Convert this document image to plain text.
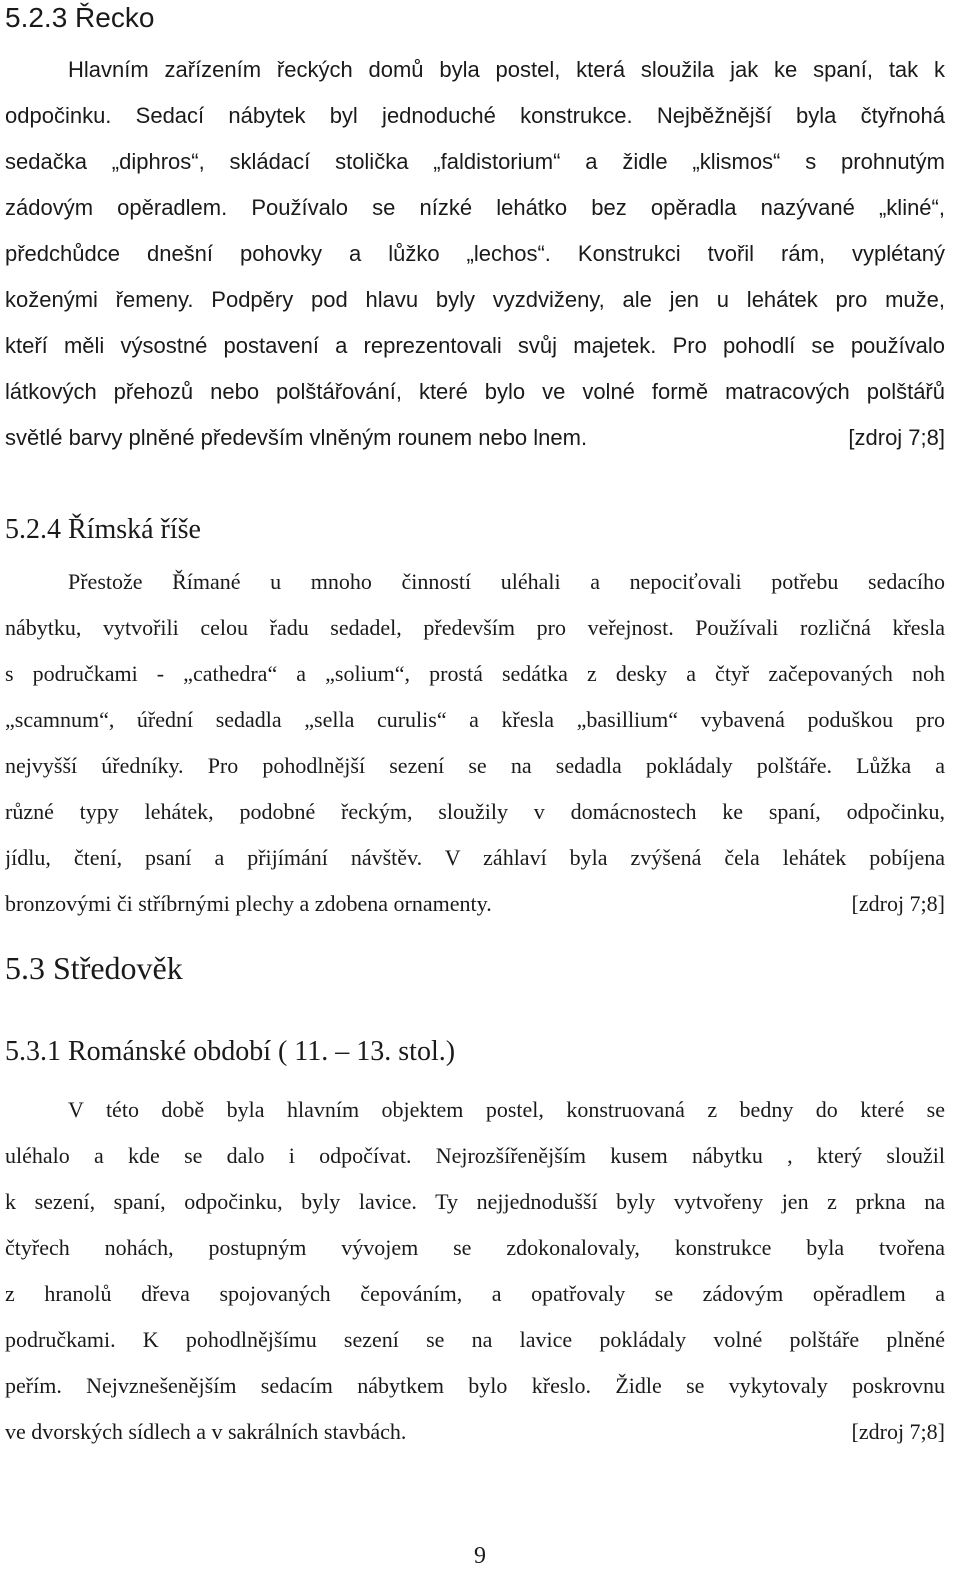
5.2.3 Řecko
Hlavním zařízením řeckých domů byla postel, která sloužila jak ke spaní, tak k
odpočinku. Sedací nábytek byl jednoduché konstrukce. Nejběžnější byla čtyřnohá
sedačka „diphros“, skládací stolička „faldistorium“ a židle „klismos“ s prohnutým
zádovým opěradlem. Používalo se nízké lehátko bez opěradla nazývané „kliné“,
předchůdce dnešní pohovky a lůžko „lechos“. Konstrukci tvořil rám, vyplétaný
koženými řemeny. Podpěry pod hlavu byly vyzdviženy, ale jen u lehátek pro muže,
kteří měli výsostné postavení a reprezentovali svůj majetek. Pro pohodlí se používalo
látkových přehozů nebo polštářování, které bylo ve volné formě matracových polštářů
světlé barvy plněné především vlněným rounem nebo lnem.	[zdroj 7;8]
5.2.4 Římská říše
Přestože Římané u mnoho činností uléhali a nepociťovali potřebu sedacího
nábytku, vytvořili celou řadu sedadel, především pro veřejnost. Používali rozličná křesla
s područkami - „cathedra“ a „solium“, prostá sedátka z desky a čtyř začepovaných noh
„scamnum“, úřední sedadla „sella curulis“ a křesla „basillium“ vybavená poduškou pro
nejvyšší úředníky. Pro pohodlnější sezení se na sedadla pokládaly polštáře. Lůžka a
různé typy lehátek, podobné řeckým, sloužily v domácnostech ke spaní, odpočinku,
jídlu, čtení, psaní a přijímání návštěv. V záhlaví byla zvýšená čela lehátek pobíjena
bronzovými či stříbrnými plechy a zdobena ornamenty.	[zdroj 7;8]
5.3 Středověk
5.3.1 Románské období ( 11. – 13. stol.)
V této době byla hlavním objektem postel, konstruovaná z bedny do které se
uléhalo a kde se dalo i odpočívat. Nejrozšířenějším kusem nábytku , který sloužil
k sezení, spaní, odpočinku, byly lavice. Ty nejjednodušší byly vytvořeny jen z prkna na
čtyřech nohách, postupným vývojem se zdokonalovaly, konstrukce byla tvořena
z hranolů dřeva spojovaných čepováním, a opatřovaly se zádovým opěradlem a
područkami. K pohodlnějšímu sezení se na lavice pokládaly volné polštáře plněné
peřím. Nejvznešenějším sedacím nábytkem bylo křeslo. Židle se vykytovaly poskrovnu
ve dvorských sídlech a v sakrálních stavbách.	[zdroj 7;8]
9
